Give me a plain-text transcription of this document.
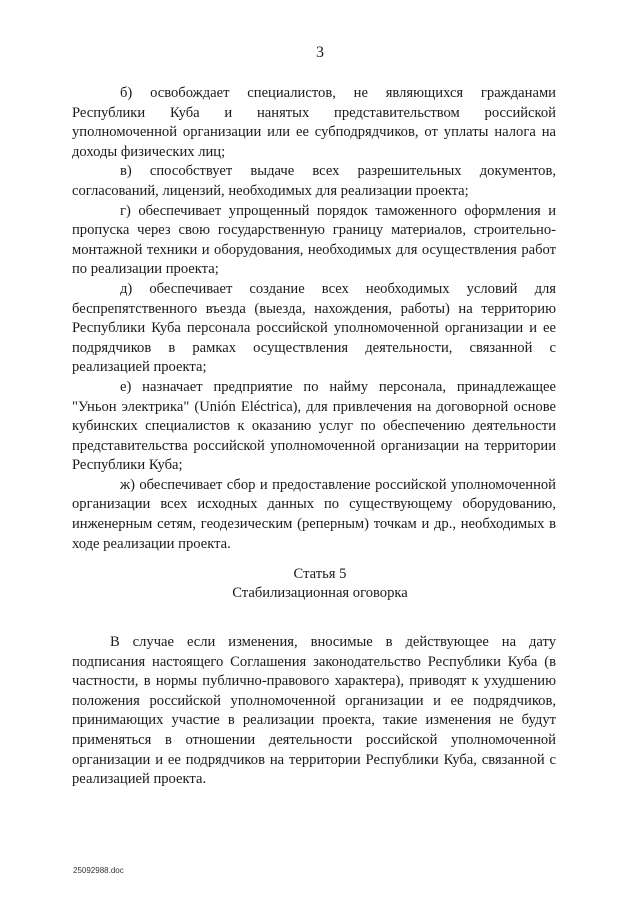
3

б) освобождает специалистов, не являющихся гражданами Республики Куба и нанятых представительством российской уполномоченной организации или ее субподрядчиков, от уплаты налога на доходы физических лиц;

в) способствует выдаче всех разрешительных документов, согласований, лицензий, необходимых для реализации проекта;

г) обеспечивает упрощенный порядок таможенного оформления и пропуска через свою государственную границу материалов, строительно-монтажной техники и оборудования, необходимых для осуществления работ по реализации проекта;

д) обеспечивает создание всех необходимых условий для беспрепятственного въезда (выезда, нахождения, работы) на территорию Республики Куба персонала российской уполномоченной организации и ее подрядчиков в рамках осуществления деятельности, связанной с реализацией проекта;

е) назначает предприятие по найму персонала, принадлежащее "Уньон электрика" (Unión Eléctrica), для привлечения на договорной основе кубинских специалистов к оказанию услуг по обеспечению деятельности представительства российской уполномоченной организации на территории Республики Куба;

ж) обеспечивает сбор и предоставление российской уполномоченной организации всех исходных данных по существующему оборудованию, инженерным сетям, геодезическим (реперным) точкам и др., необходимых в ходе реализации проекта.

Статья 5
Стабилизационная оговорка

В случае если изменения, вносимые в действующее на дату подписания настоящего Соглашения законодательство Республики Куба (в частности, в нормы публично-правового характера), приводят к ухудшению положения российской уполномоченной организации и ее подрядчиков, принимающих участие в реализации проекта, такие изменения не будут применяться в отношении деятельности российской уполномоченной организации и ее подрядчиков на территории Республики Куба, связанной с реализацией проекта.

25092988.doc
